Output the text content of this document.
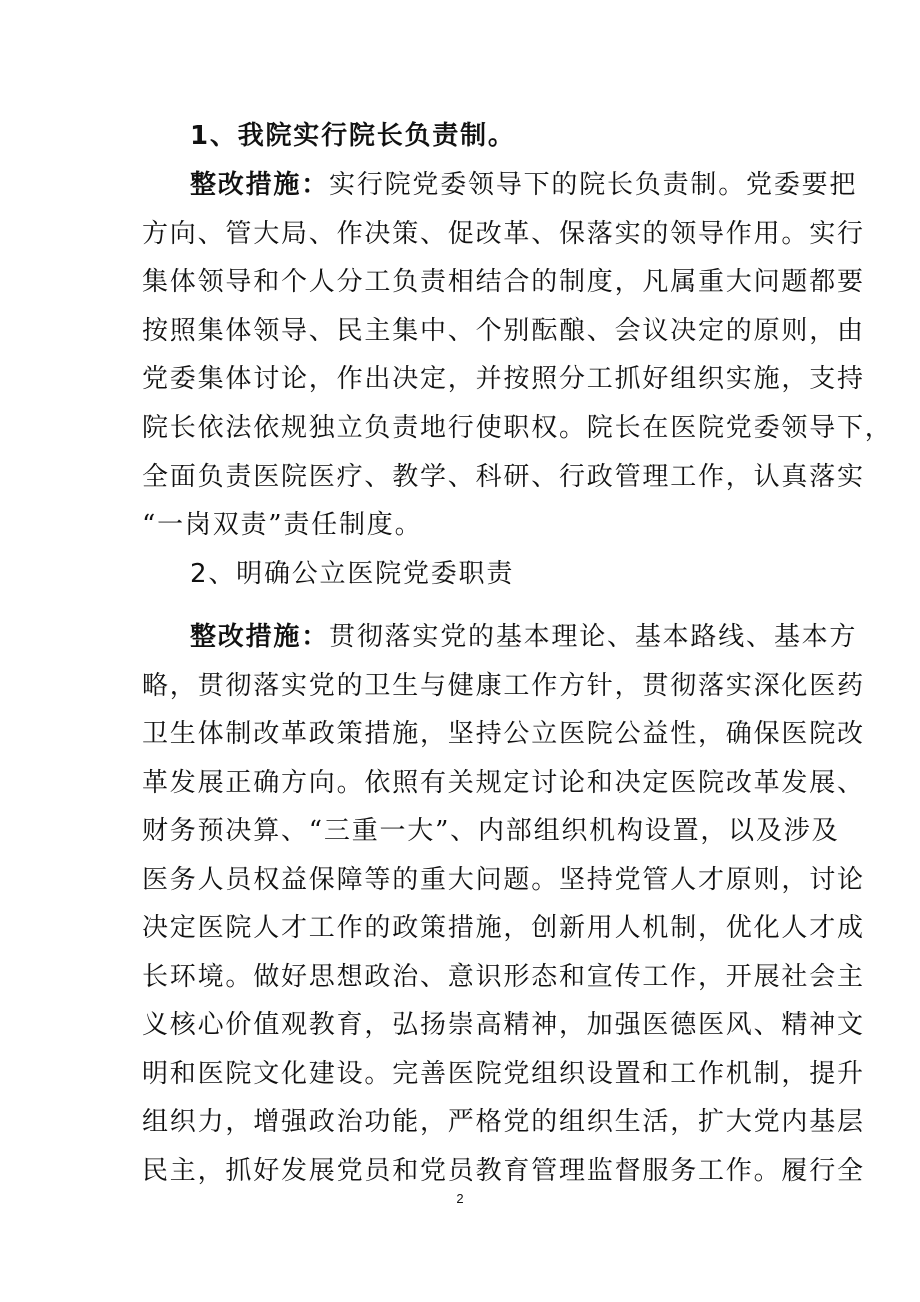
1、我院实行院长负责制。
整改措施：实行院党委领导下的院长负责制。党委要把
方向、管大局、作决策、促改革、保落实的领导作用。实行
集体领导和个人分工负责相结合的制度，凡属重大问题都要
按照集体领导、民主集中、个别酝酿、会议决定的原则，由
党委集体讨论，作出决定，并按照分工抓好组织实施，支持
院长依法依规独立负责地行使职权。院长在医院党委领导下，
全面负责医院医疗、教学、科研、行政管理工作，认真落实
“一岗双责”责任制度。
2、明确公立医院党委职责
整改措施：贯彻落实党的基本理论、基本路线、基本方
略，贯彻落实党的卫生与健康工作方针，贯彻落实深化医药
卫生体制改革政策措施，坚持公立医院公益性，确保医院改
革发展正确方向。依照有关规定讨论和决定医院改革发展、
财务预决算、“三重一大”、内部组织机构设置，以及涉及
医务人员权益保障等的重大问题。坚持党管人才原则，讨论
决定医院人才工作的政策措施，创新用人机制，优化人才成
长环境。做好思想政治、意识形态和宣传工作，开展社会主
义核心价值观教育，弘扬崇高精神，加强医德医风、精神文
明和医院文化建设。完善医院党组织设置和工作机制，提升
组织力，增强政治功能，严格党的组织生活，扩大党内基层
民主，抓好发展党员和党员教育管理监督服务工作。履行全
2
